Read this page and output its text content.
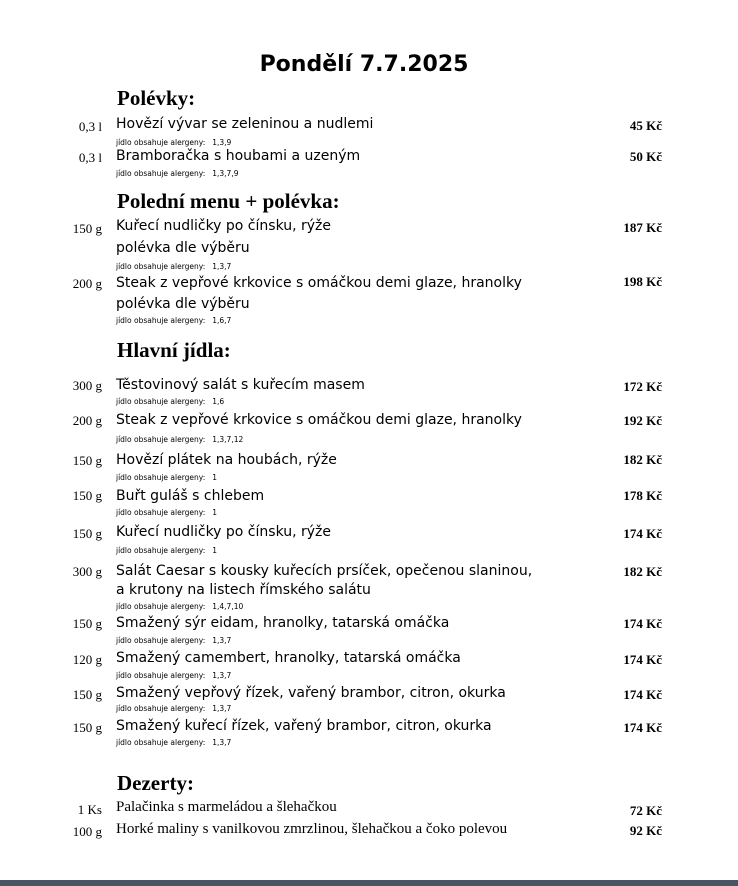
Pondělí 7.7.2025
Polévky:
0,3 l Hovězí vývar se zeleninou a nudlemi
jídlo obsahuje alergeny: 1,3,9
45 Kč
0,3 l Bramboračka s houbami a uzeným
jídlo obsahuje alergeny: 1,3,7,9
50 Kč
Polední menu + polévka:
150 g Kuřecí nudličky po čínsku, rýže
polévka dle výběru
jídlo obsahuje alergeny: 1,3,7
187 Kč
200 g Steak z vepřové krkovice s omáčkou demi glaze, hranolky
polévka dle výběru
jídlo obsahuje alergeny: 1,6,7
198 Kč
Hlavní jídla:
300 g Těstovinový salát s kuřecím masem
jídlo obsahuje alergeny: 1,6
172 Kč
200 g Steak z vepřové krkovice s omáčkou demi glaze, hranolky
jídlo obsahuje alergeny: 1,3,7,12
192 Kč
150 g Hovězí plátek na houbách, rýže
jídlo obsahuje alergeny: 1
182 Kč
150 g Buřt guláš s chlebem
jídlo obsahuje alergeny: 1
178 Kč
150 g Kuřecí nudličky po čínsku, rýže
jídlo obsahuje alergeny: 1
174 Kč
300 g Salát Caesar s kousky kuřecích prsíček, opečenou slaninou,
a krutony na listech římského salátu
jídlo obsahuje alergeny: 1,4,7,10
182 Kč
150 g Smažený sýr eidam, hranolky, tatarská omáčka
jídlo obsahuje alergeny: 1,3,7
174 Kč
120 g Smažený camembert, hranolky, tatarská omáčka
jídlo obsahuje alergeny: 1,3,7
174 Kč
150 g Smažený vepřový řízek, vařený brambor, citron, okurka
jídlo obsahuje alergeny: 1,3,7
174 Kč
150 g Smažený kuřecí řízek, vařený brambor, citron, okurka
jídlo obsahuje alergeny: 1,3,7
174 Kč
Dezerty:
1 Ks Palačinka s marmeládou a šlehačkou	72 Kč
100 g Horké maliny s vanilkovou zmrzlinou, šlehačkou a čoko polevou	92 Kč
